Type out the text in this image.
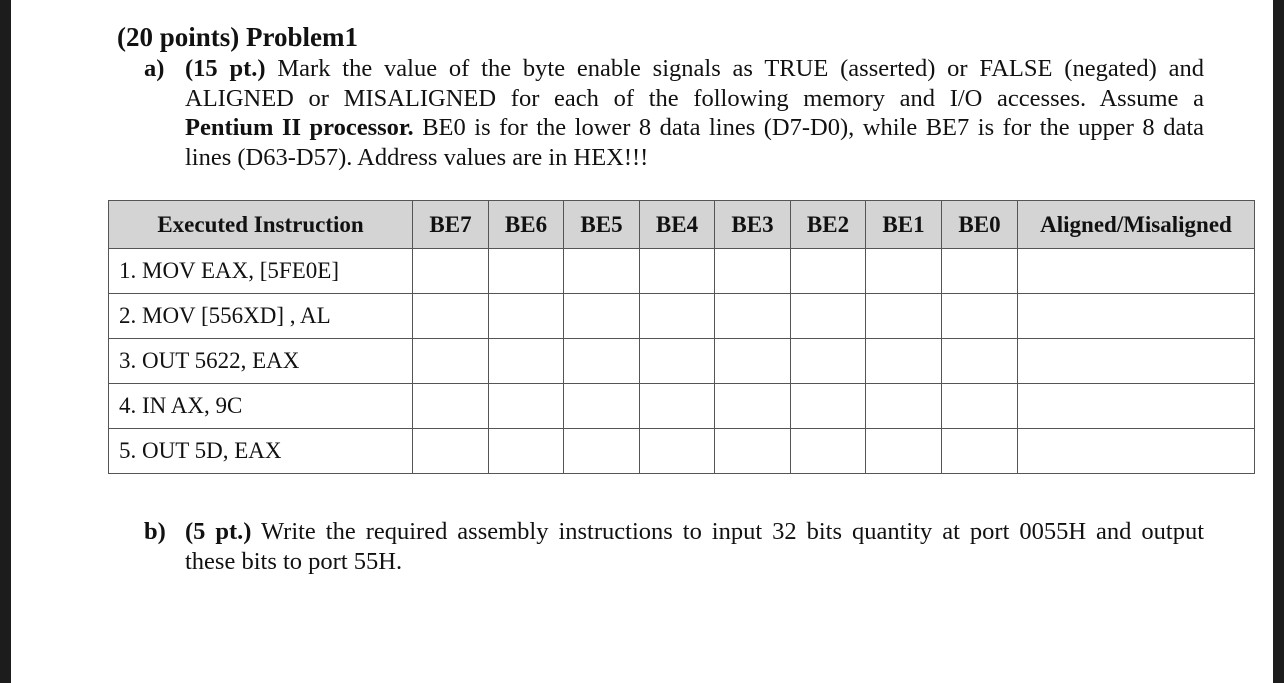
(20 points) Problem1
a) (15 pt.) Mark the value of the byte enable signals as TRUE (asserted) or FALSE (negated) and
ALIGNED or MISALIGNED for each of the following memory and I/O accesses. Assume a
Pentium II processor. BE0 is for the lower 8 data lines (D7-D0), while BE7 is for the upper 8 data
lines (D63-D57). Address values are in HEX!!!
Executed Instruction	BE7	BE6	BE5	BE4	BE3	BE2	BE1	BE0	Aligned/Misaligned
1. MOV EAX, [5FE0E]									
2. MOV [556XD] , AL									
3. OUT 5622, EAX									
4. IN AX, 9C									
5. OUT 5D, EAX									
b) (5 pt.) Write the required assembly instructions to input 32 bits quantity at port 0055H and output
these bits to port 55H.
